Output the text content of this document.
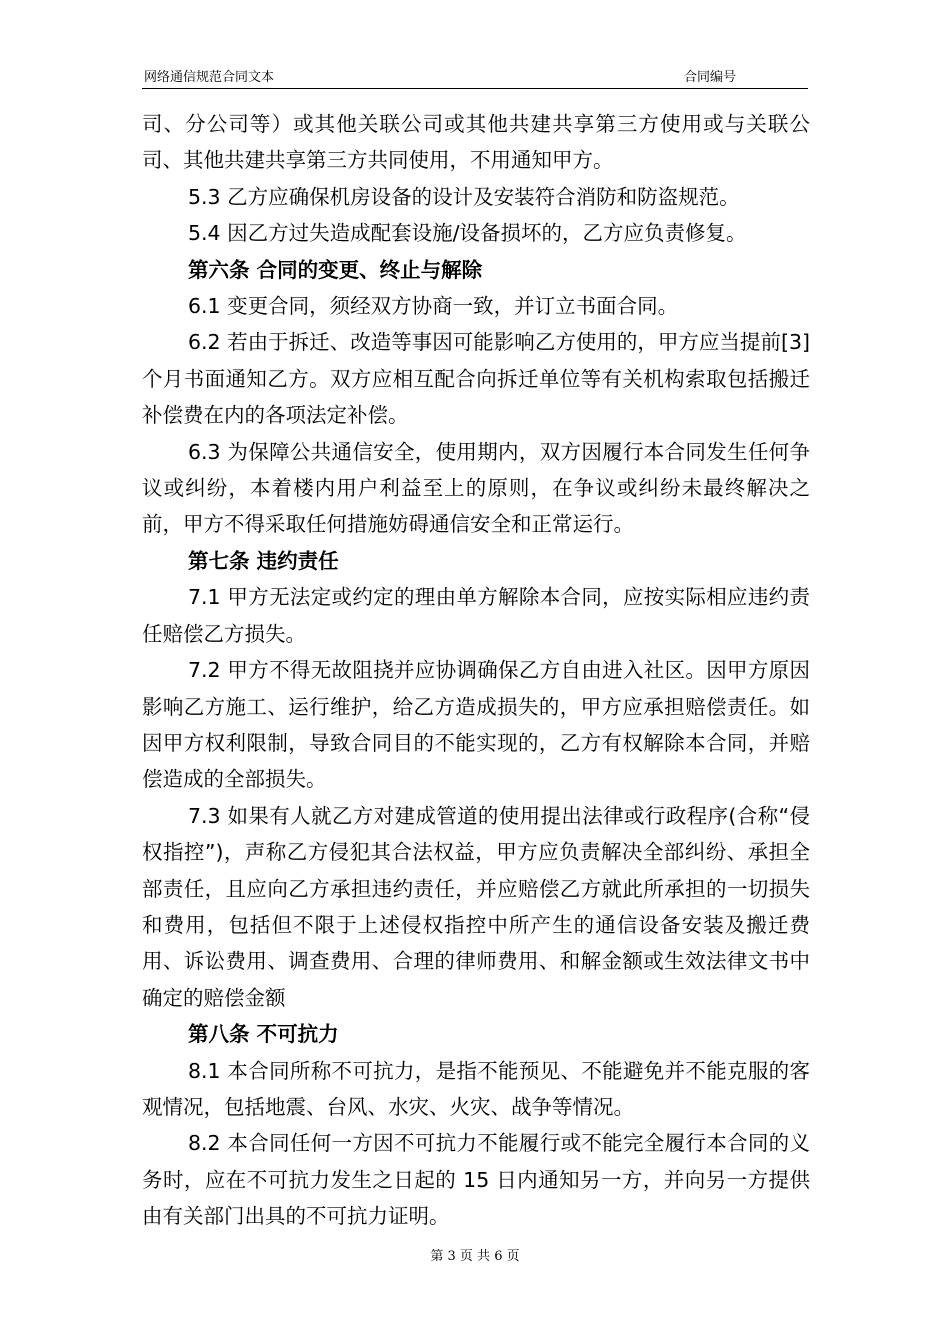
网络通信规范合同文本	合同编号

司、分公司等）或其他关联公司或其他共建共享第三方使用或与关联公司、其他共建共享第三方共同使用，不用通知甲方。

5.3 乙方应确保机房设备的设计及安装符合消防和防盗规范。

5.4 因乙方过失造成配套设施/设备损坏的，乙方应负责修复。

第六条 合同的变更、终止与解除

6.1 变更合同，须经双方协商一致，并订立书面合同。

6.2 若由于拆迁、改造等事因可能影响乙方使用的，甲方应当提前[3]个月书面通知乙方。双方应相互配合向拆迁单位等有关机构索取包括搬迁补偿费在内的各项法定补偿。

6.3 为保障公共通信安全，使用期内，双方因履行本合同发生任何争议或纠纷，本着楼内用户利益至上的原则，在争议或纠纷未最终解决之前，甲方不得采取任何措施妨碍通信安全和正常运行。

第七条 违约责任

7.1 甲方无法定或约定的理由单方解除本合同，应按实际相应违约责任赔偿乙方损失。

7.2 甲方不得无故阻挠并应协调确保乙方自由进入社区。因甲方原因影响乙方施工、运行维护，给乙方造成损失的，甲方应承担赔偿责任。如因甲方权利限制，导致合同目的不能实现的，乙方有权解除本合同，并赔偿造成的全部损失。

7.3 如果有人就乙方对建成管道的使用提出法律或行政程序(合称“侵权指控”)，声称乙方侵犯其合法权益，甲方应负责解决全部纠纷、承担全部责任，且应向乙方承担违约责任，并应赔偿乙方就此所承担的一切损失和费用，包括但不限于上述侵权指控中所产生的通信设备安装及搬迁费用、诉讼费用、调查费用、合理的律师费用、和解金额或生效法律文书中确定的赔偿金额

第八条 不可抗力

8.1 本合同所称不可抗力，是指不能预见、不能避免并不能克服的客观情况，包括地震、台风、水灾、火灾、战争等情况。

8.2 本合同任何一方因不可抗力不能履行或不能完全履行本合同的义务时，应在不可抗力发生之日起的 15 日内通知另一方，并向另一方提供由有关部门出具的不可抗力证明。

第 3 页 共 6 页
